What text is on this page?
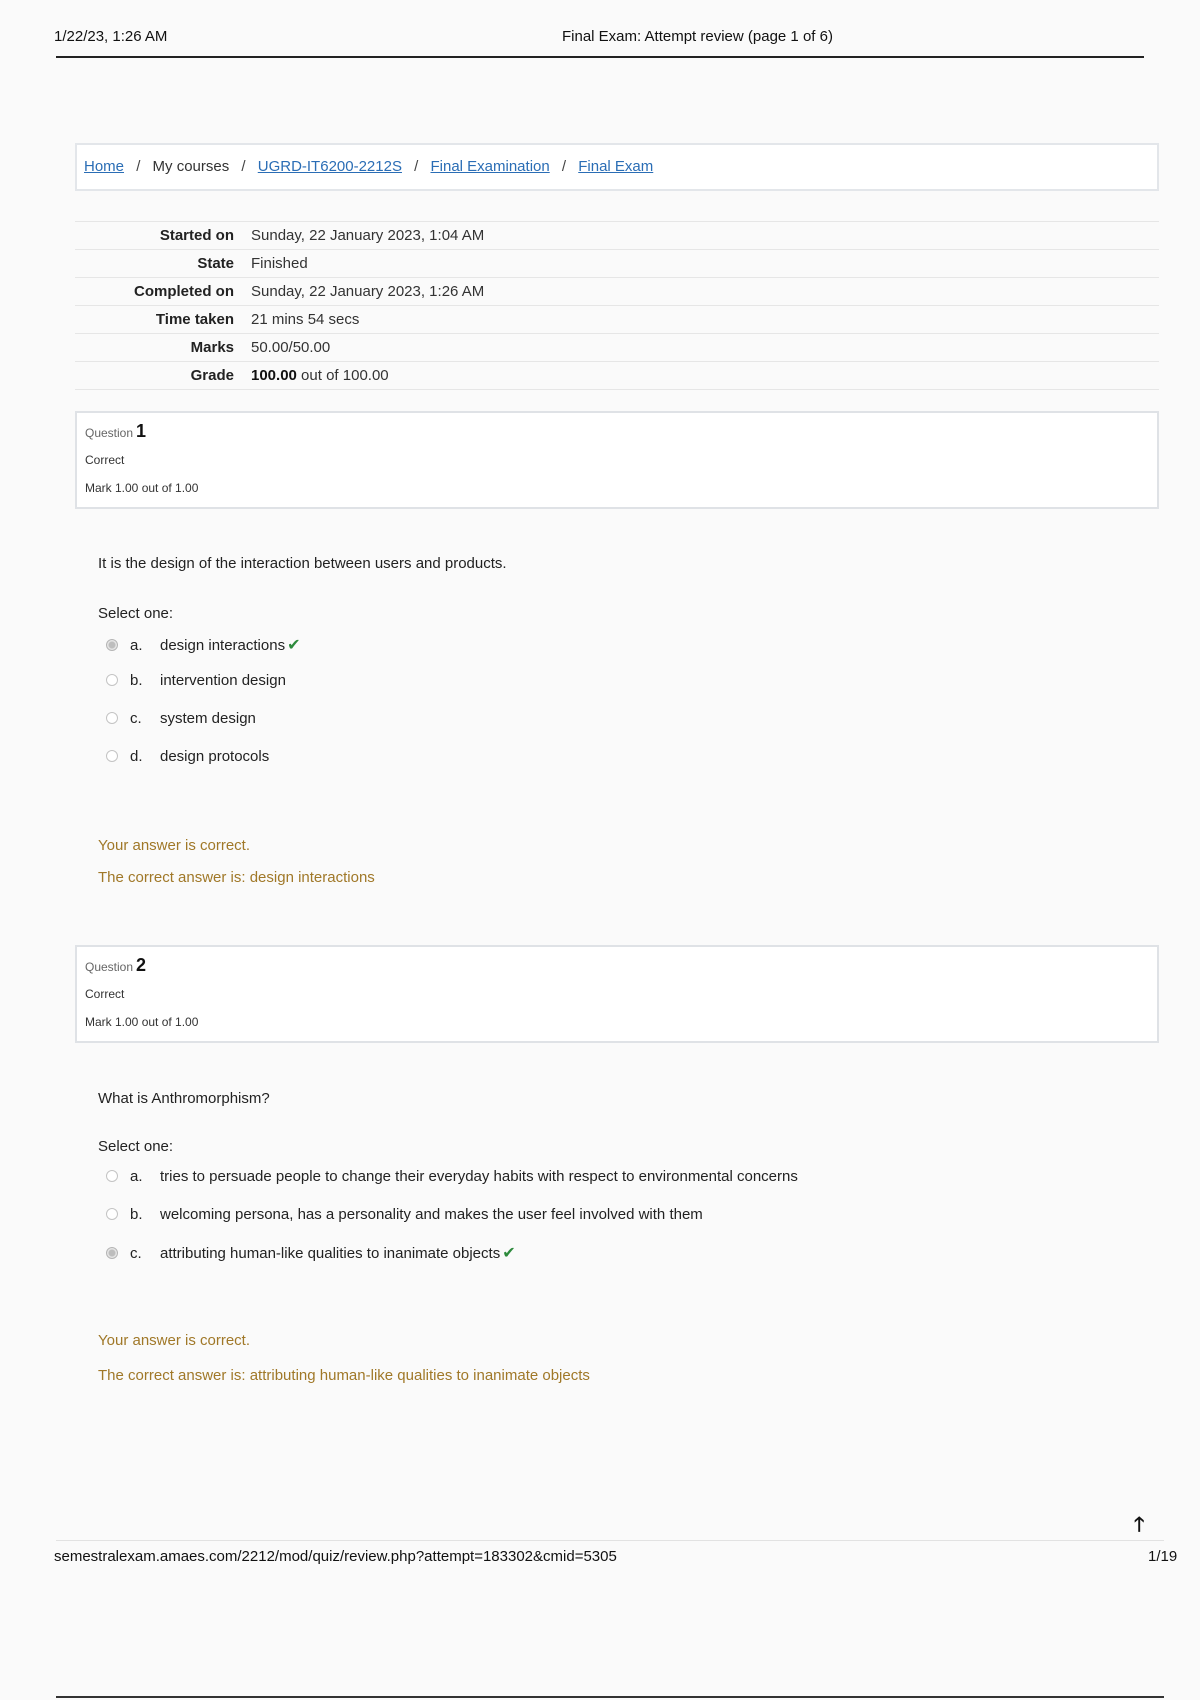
1/22/23, 1:26 AM	Final Exam: Attempt review (page 1 of 6)
Home / My courses / UGRD-IT6200-2212S / Final Examination / Final Exam
Started on Sunday, 22 January 2023, 1:04 AM
State Finished
Completed on Sunday, 22 January 2023, 1:26 AM
Time taken 21 mins 54 secs
Marks 50.00/50.00
Grade 100.00 out of 100.00
Question 1
Correct
Mark 1.00 out of 1.00
It is the design of the interaction between users and products.
Select one:
a. design interactions ✔
b. intervention design
c. system design
d. design protocols
Your answer is correct.
The correct answer is: design interactions
Question 2
Correct
Mark 1.00 out of 1.00
What is Anthromorphism?
Select one:
a. tries to persuade people to change their everyday habits with respect to environmental concerns
b. welcoming persona, has a personality and makes the user feel involved with them
c. attributing human-like qualities to inanimate objects ✔
Your answer is correct.
The correct answer is: attributing human-like qualities to inanimate objects
🡑
semestralexam.amaes.com/2212/mod/quiz/review.php?attempt=183302&cmid=5305	1/19
